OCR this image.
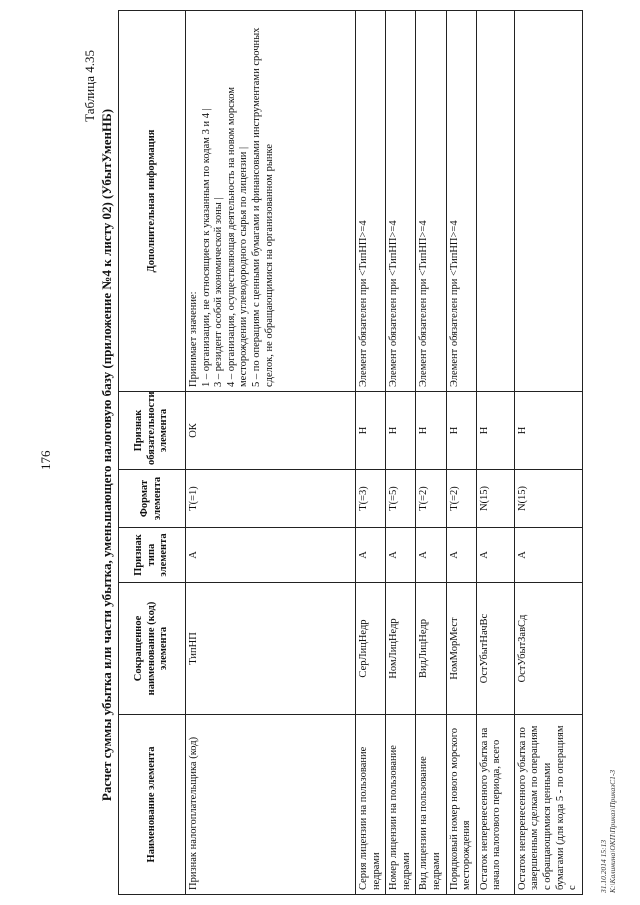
176
Таблица 4.35
Расчет суммы убытка или части убытка, уменьшающего налоговую базу (приложение №4 к листу 02) (УбытУменНБ)
Наименование элемента	Сокращенное наименование (код) элемента	Признак типа элемента	Формат элемента	Признак обязательности элемента	Дополнительная информация
Признак налогоплательщика (код)	ТипНП	A	T(=1)	ОК	Принимает значение: 1 – организации, не относящиеся к указанным по кодам 3 и 4 | 3 – резидент особой экономической зоны | 4 – организация, осуществляющая деятельность на новом морском месторождении углеводородного сырья по лицензии | 5 – по операциям с ценными бумагами и финансовыми инструментами срочных сделок, не обращающимися на организованном рынке

Серия лицензии на пользование недрами	СерЛицНедр	A	T(=3)	Н	Элемент обязателен при <ТипНП>=4

Номер лицензии на пользование недрами	НомЛицНедр	A	T(=5)	Н	Элемент обязателен при <ТипНП>=4

Вид лицензии на пользование недрами	ВидЛицНедр	A	T(=2)	Н	Элемент обязателен при <ТипНП>=4

Порядковый номер нового морского месторождения	НомМорМест	A	T(=2)	Н	Элемент обязателен при <ТипНП>=4

Остаток неперенесенного убытка на начало налогового периода, всего	ОстУбытНачВс	A	N(15)	Н	
Остаток неперенесенного убытка по завершенным сделкам по операциям с обращающимися ценными бумагами (для кода 5 - по операциям с	ОстУбытЗавСд	A	N(15)	Н	
31.10.2014 15:13 К:\Калинина\ОКП\Приказ\ПриказС1-3
